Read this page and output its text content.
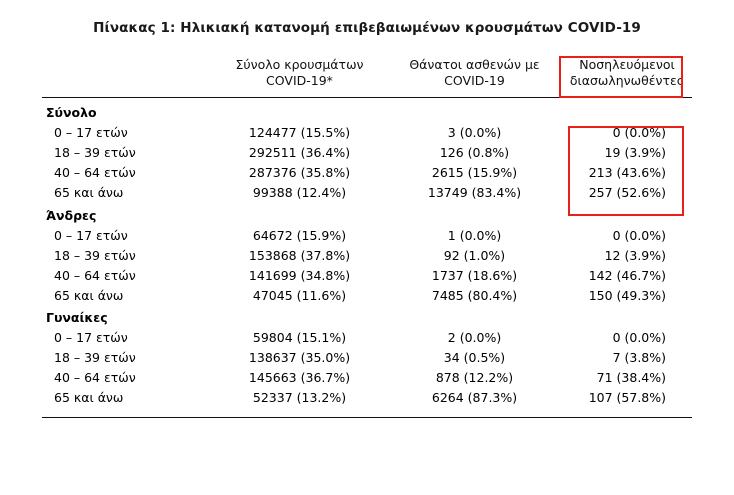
Πίνακας 1: Ηλικιακή κατανομή επιβεβαιωμένων κρουσμάτων COVID-19

Σύνολο κρουσμάτων
COVID-19*

Θάνατοι ασθενών με
COVID-19

Νοσηλευόμενοι
διασωληνωθέντες

Σύνολο			
0 – 17 ετών	124477 (15.5%)	3 (0.0%)	0 (0.0%)
18 – 39 ετών	292511 (36.4%)	126 (0.8%)	19 (3.9%)
40 – 64 ετών	287376 (35.8%)	2615 (15.9%)	213 (43.6%)
65 και άνω	99388 (12.4%)	13749 (83.4%)	257 (52.6%)
Άνδρες			
0 – 17 ετών	64672 (15.9%)	1 (0.0%)	0 (0.0%)
18 – 39 ετών	153868 (37.8%)	92 (1.0%)	12 (3.9%)
40 – 64 ετών	141699 (34.8%)	1737 (18.6%)	142 (46.7%)
65 και άνω	47045 (11.6%)	7485 (80.4%)	150 (49.3%)
Γυναίκες			
0 – 17 ετών	59804 (15.1%)	2 (0.0%)	0 (0.0%)
18 – 39 ετών	138637 (35.0%)	34 (0.5%)	7 (3.8%)
40 – 64 ετών	145663 (36.7%)	878 (12.2%)	71 (38.4%)
65 και άνω	52337 (13.2%)	6264 (87.3%)	107 (57.8%)
